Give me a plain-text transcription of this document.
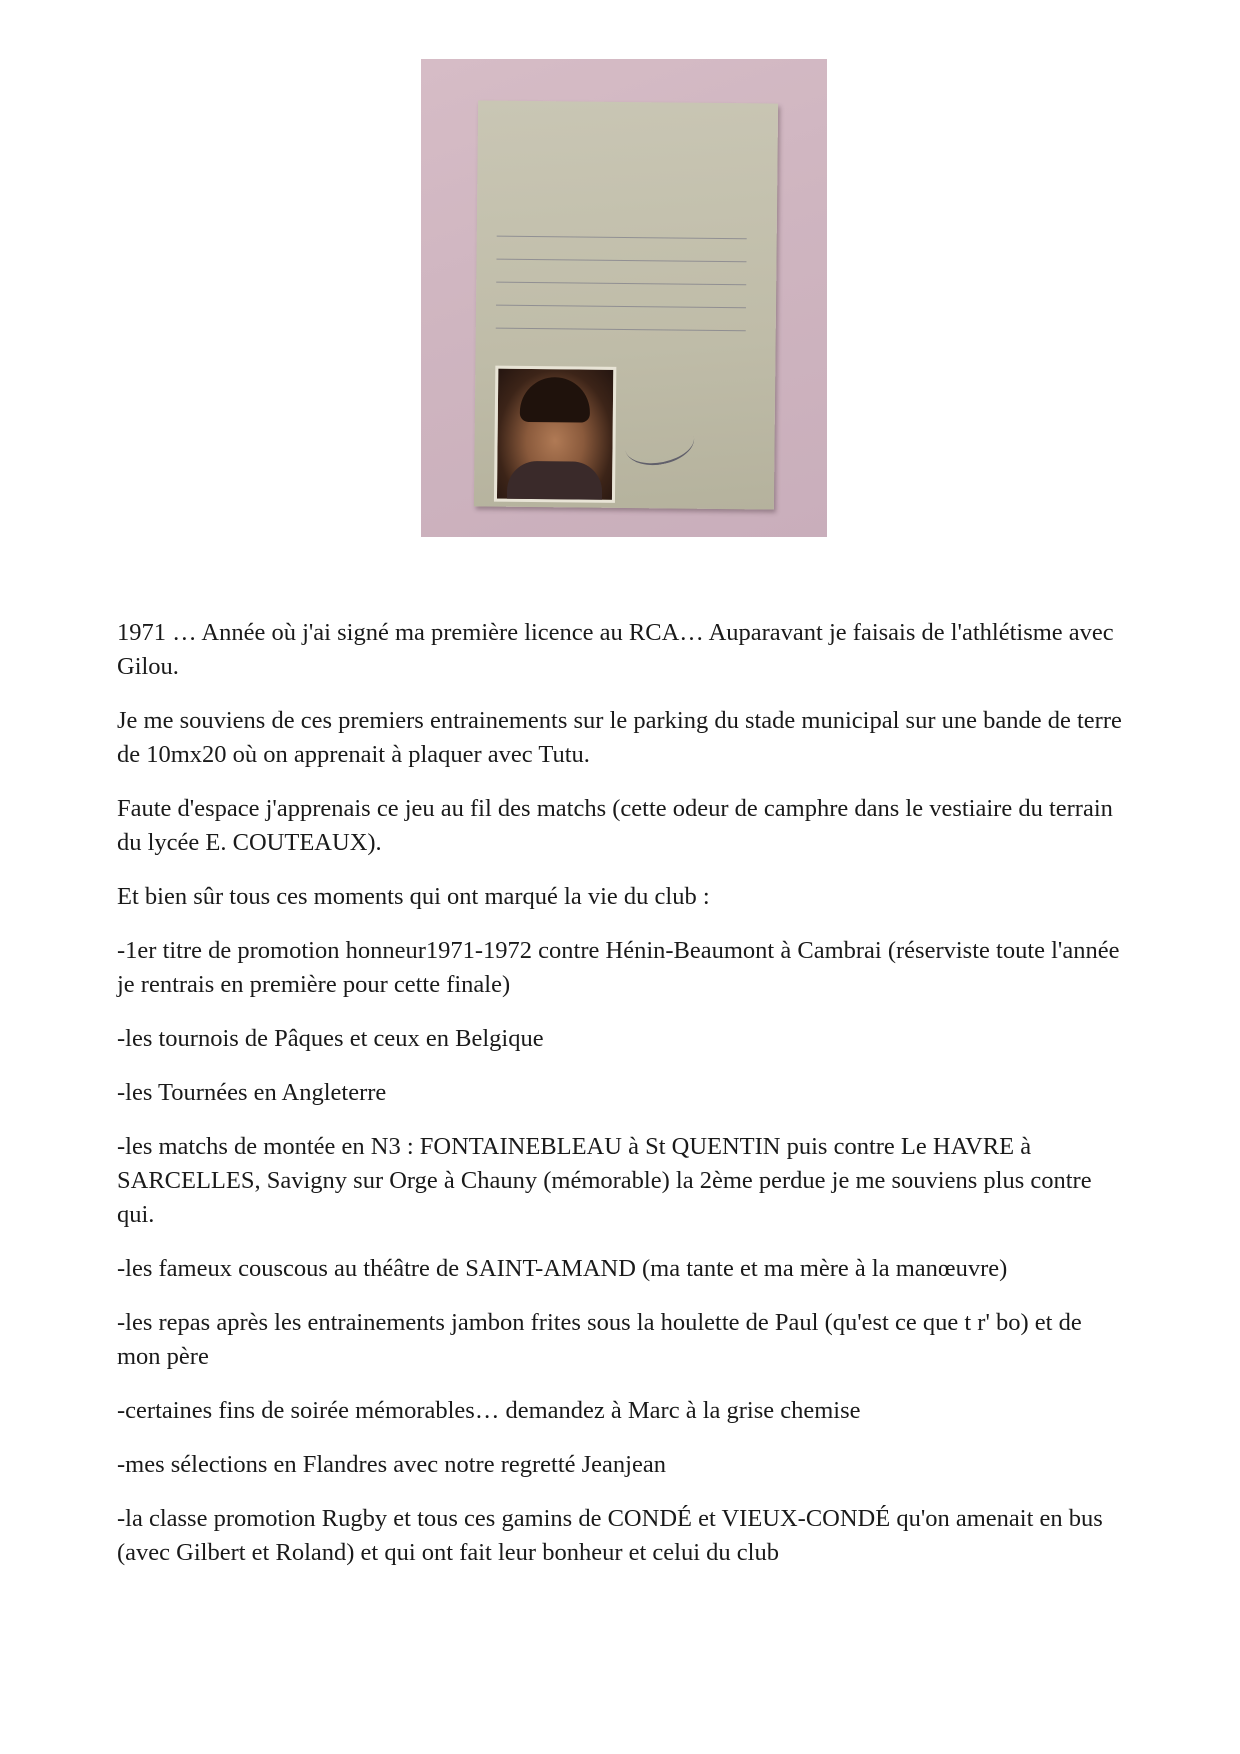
1971 … Année où j'ai signé ma première licence au RCA… Auparavant je faisais de l'athlétisme avec Gilou.

Je me souviens de ces premiers entrainements sur le parking du stade municipal sur une bande de terre de 10mx20 où on apprenait à plaquer avec Tutu.

Faute d'espace j'apprenais ce jeu au fil des matchs (cette odeur de camphre dans le vestiaire du terrain du lycée E. COUTEAUX).

Et bien sûr tous ces moments qui ont marqué la vie du club :

-1er titre de promotion honneur1971-1972 contre Hénin-Beaumont à Cambrai (réserviste toute l'année je rentrais en première pour cette finale)

-les tournois de Pâques et ceux en Belgique

-les Tournées en Angleterre

-les matchs de montée en N3 : FONTAINEBLEAU à St QUENTIN puis contre Le HAVRE à SARCELLES, Savigny sur Orge à Chauny (mémorable) la 2ème perdue je me souviens plus contre qui.

-les fameux couscous au théâtre de SAINT-AMAND (ma tante et ma mère à la manœuvre)

-les repas après les entrainements jambon frites sous la houlette de Paul (qu'est ce que t r' bo) et de mon père

-certaines fins de soirée mémorables… demandez à Marc à la grise chemise

-mes sélections en Flandres avec notre regretté Jeanjean

-la classe promotion Rugby et tous ces gamins de CONDÉ et VIEUX-CONDÉ qu'on amenait en bus (avec Gilbert et Roland) et qui ont fait leur bonheur et celui du club
